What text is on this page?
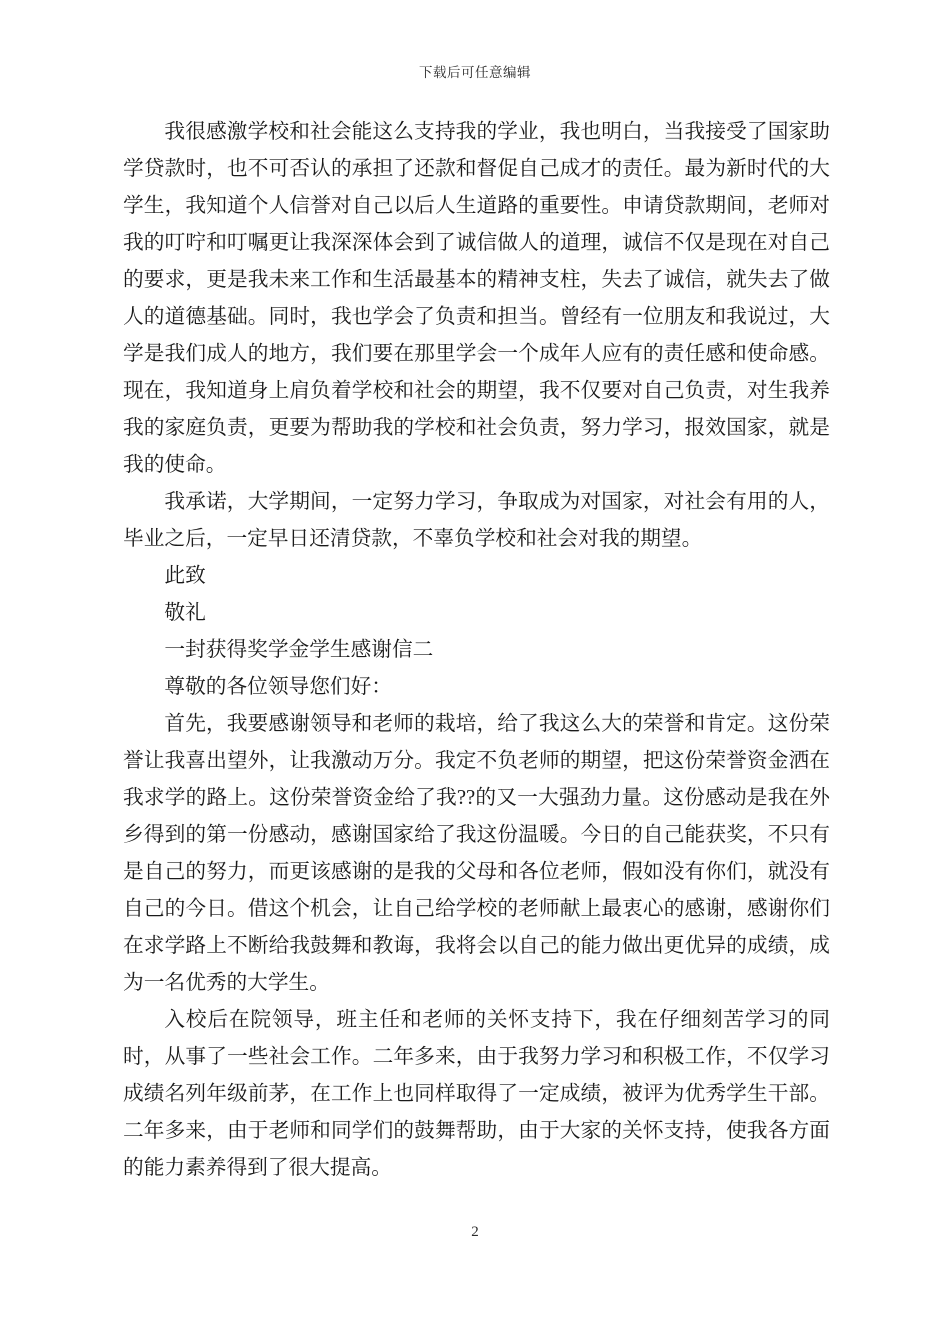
下载后可任意编辑

我很感激学校和社会能这么支持我的学业，我也明白，当我接受了国家助学贷款时，也不可否认的承担了还款和督促自己成才的责任。最为新时代的大学生，我知道个人信誉对自己以后人生道路的重要性。申请贷款期间，老师对我的叮咛和叮嘱更让我深深体会到了诚信做人的道理，诚信不仅是现在对自己的要求，更是我未来工作和生活最基本的精神支柱，失去了诚信，就失去了做人的道德基础。同时，我也学会了负责和担当。曾经有一位朋友和我说过，大学是我们成人的地方，我们要在那里学会一个成年人应有的责任感和使命感。现在，我知道身上肩负着学校和社会的期望，我不仅要对自己负责，对生我养我的家庭负责，更要为帮助我的学校和社会负责，努力学习，报效国家，就是我的使命。

我承诺，大学期间，一定努力学习，争取成为对国家，对社会有用的人，毕业之后，一定早日还清贷款，不辜负学校和社会对我的期望。

此致

敬礼

一封获得奖学金学生感谢信二

尊敬的各位领导您们好：

首先，我要感谢领导和老师的栽培，给了我这么大的荣誉和肯定。这份荣誉让我喜出望外，让我激动万分。我定不负老师的期望，把这份荣誉资金洒在我求学的路上。这份荣誉资金给了我??的又一大强劲力量。这份感动是我在外乡得到的第一份感动，感谢国家给了我这份温暖。今日的自己能获奖，不只有是自己的努力，而更该感谢的是我的父母和各位老师，假如没有你们，就没有自己的今日。借这个机会，让自己给学校的老师献上最衷心的感谢，感谢你们在求学路上不断给我鼓舞和教诲，我将会以自己的能力做出更优异的成绩，成为一名优秀的大学生。

入校后在院领导，班主任和老师的关怀支持下，我在仔细刻苦学习的同时，从事了一些社会工作。二年多来，由于我努力学习和积极工作，不仅学习成绩名列年级前茅，在工作上也同样取得了一定成绩，被评为优秀学生干部。二年多来，由于老师和同学们的鼓舞帮助，由于大家的关怀支持，使我各方面的能力素养得到了很大提高。

2
